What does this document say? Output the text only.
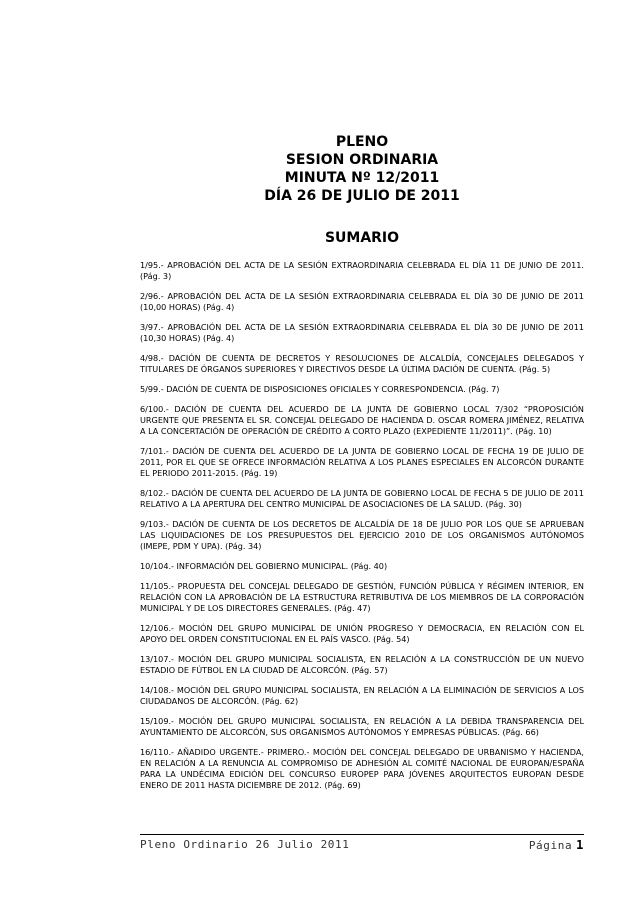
PLENO
SESION ORDINARIA
MINUTA Nº 12/2011
DÍA 26 DE JULIO DE 2011
SUMARIO
1/95.- APROBACIÓN DEL ACTA DE LA SESIÓN EXTRAORDINARIA CELEBRADA EL DÍA 11 DE JUNIO DE 2011. (Pág. 3)
2/96.- APROBACIÓN DEL ACTA DE LA SESIÓN EXTRAORDINARIA CELEBRADA EL DÍA 30 DE JUNIO DE 2011 (10,00 HORAS) (Pág. 4)
3/97.- APROBACIÓN DEL ACTA DE LA SESIÓN EXTRAORDINARIA CELEBRADA EL DÍA 30 DE JUNIO DE 2011 (10,30 HORAS) (Pág. 4)
4/98.- DACIÓN DE CUENTA DE DECRETOS Y RESOLUCIONES DE ALCALDÍA, CONCEJALES DELEGADOS Y TITULARES DE ÓRGANOS SUPERIORES Y DIRECTIVOS DESDE LA ÚLTIMA DACIÓN DE CUENTA. (Pág. 5)
5/99.- DACIÓN DE CUENTA DE DISPOSICIONES OFICIALES Y CORRESPONDENCIA. (Pág. 7)
6/100.- DACIÓN DE CUENTA DEL ACUERDO DE LA JUNTA DE GOBIERNO LOCAL 7/302 “PROPOSICIÓN URGENTE QUE PRESENTA EL SR. CONCEJAL DELEGADO DE HACIENDA D. OSCAR ROMERA JIMÉNEZ, RELATIVA A LA CONCERTACIÓN DE OPERACIÓN DE CRÉDITO A CORTO PLAZO (EXPEDIENTE 11/2011)”. (Pág. 10)
7/101.- DACIÓN DE CUENTA DEL ACUERDO DE LA JUNTA DE GOBIERNO LOCAL DE FECHA 19 DE JULIO DE 2011, POR EL QUE SE OFRECE INFORMACIÓN RELATIVA A LOS PLANES ESPECIALES EN ALCORCÓN DURANTE EL PERIODO 2011-2015. (Pág. 19)
8/102.- DACIÓN DE CUENTA DEL ACUERDO DE LA JUNTA DE GOBIERNO LOCAL DE FECHA 5 DE JULIO DE 2011 RELATIVO A LA APERTURA DEL CENTRO MUNICIPAL DE ASOCIACIONES DE LA SALUD. (Pág. 30)
9/103.- DACIÓN DE CUENTA DE LOS DECRETOS DE ALCALDÍA DE 18 DE JULIO POR LOS QUE SE APRUEBAN LAS LIQUIDACIONES DE LOS PRESUPUESTOS DEL EJERCICIO 2010 DE LOS ORGANISMOS AUTÓNOMOS (IMEPE, PDM Y UPA). (Pág. 34)
10/104.- INFORMACIÓN DEL GOBIERNO MUNICIPAL. (Pág. 40)
11/105.- PROPUESTA DEL CONCEJAL DELEGADO DE GESTIÓN, FUNCIÓN PÚBLICA Y RÉGIMEN INTERIOR, EN RELACIÓN CON LA APROBACIÓN DE LA ESTRUCTURA RETRIBUTIVA DE LOS MIEMBROS DE LA CORPORACIÓN MUNICIPAL Y DE LOS DIRECTORES GENERALES. (Pág. 47)
12/106.- MOCIÓN DEL GRUPO MUNICIPAL DE UNIÓN PROGRESO Y DEMOCRACIA, EN RELACIÓN CON EL APOYO DEL ORDEN CONSTITUCIONAL EN EL PAÍS VASCO. (Pág. 54)
13/107.- MOCIÓN DEL GRUPO MUNICIPAL SOCIALISTA, EN RELACIÓN A LA CONSTRUCCIÓN DE UN NUEVO ESTADIO DE FÚTBOL EN LA CIUDAD DE ALCORCÓN. (Pág. 57)
14/108.- MOCIÓN DEL GRUPO MUNICIPAL SOCIALISTA, EN RELACIÓN A LA ELIMINACIÓN DE SERVICIOS A LOS CIUDADANOS DE ALCORCÓN. (Pág. 62)
15/109.- MOCIÓN DEL GRUPO MUNICIPAL SOCIALISTA, EN RELACIÓN A LA DEBIDA TRANSPARENCIA DEL AYUNTAMIENTO DE ALCORCÓN, SUS ORGANISMOS AUTÓNOMOS Y EMPRESAS PÚBLICAS. (Pág. 66)
16/110.- AÑADIDO URGENTE.- PRIMERO.- MOCIÓN DEL CONCEJAL DELEGADO DE URBANISMO Y HACIENDA, EN RELACIÓN A LA RENUNCIA AL COMPROMISO DE ADHESIÓN AL COMITÉ NACIONAL DE EUROPAN/ESPAÑA PARA LA UNDÉCIMA EDICIÓN DEL CONCURSO EUROPEP PARA JÓVENES ARQUITECTOS EUROPAN DESDE ENERO DE 2011 HASTA DICIEMBRE DE 2012. (Pág. 69)
Pleno Ordinario 26 Julio 2011	Página 1
